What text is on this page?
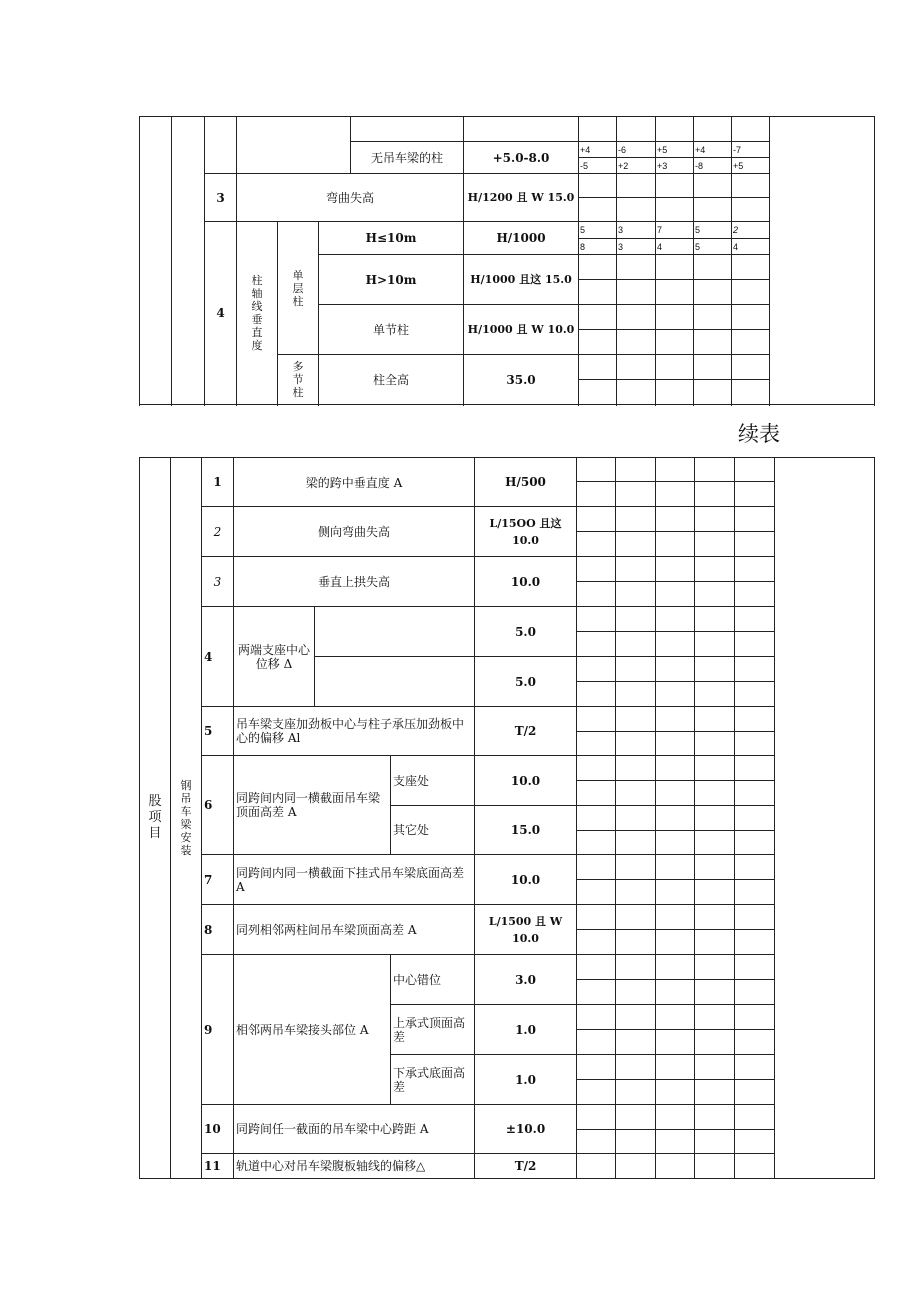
						无吊车梁的柱	+5.0-8.0	+4	-6	+5	+4	-7	
								-5	+2	+3	-8	+5	
		3	弯曲失高				H/1200 且 W 15.0						

		4	柱轴线垂直度	单层柱	H≤10m		H/1000	5	3	7	5	2	
								8	3	4	5	4	
					H>10m		H/1000 且这 15.0						

					单节柱		H/1000 且 W 10.0						

				多节柱	柱全高		35.0						

续表
股项目	钢吊车梁安装	1	梁的跨中垂直度 A			H/500						

		2	侧向弯曲失高			L/15OO 且这 10.0						

		3	垂直上拱失高			10.0						

		4	两端支座中心位移 Δ			5.0						

						5.0						

		5	吊车梁支座加劲板中心与柱子承压加劲板中心的偏移 Al			T/2						

		6	同跨间内同一横截面吊车梁顶面高差 A		支座处	10.0						

					其它处	15.0						

		7	同跨间内同一横截面下挂式吊车梁底面高差 A			10.0						

		8	同列相邻两柱间吊车梁顶面高差 A			L/1500 且 W 10.0						

		9	相邻两吊车梁接头部位 A		中心错位	3.0						

					上承式顶面高差	1.0						

					下承式底面高差	1.0						

		10	同跨间任一截面的吊车梁中心跨距 A			±10.0						

		11	轨道中心对吊车梁腹板轴线的偏移△			T/2						
